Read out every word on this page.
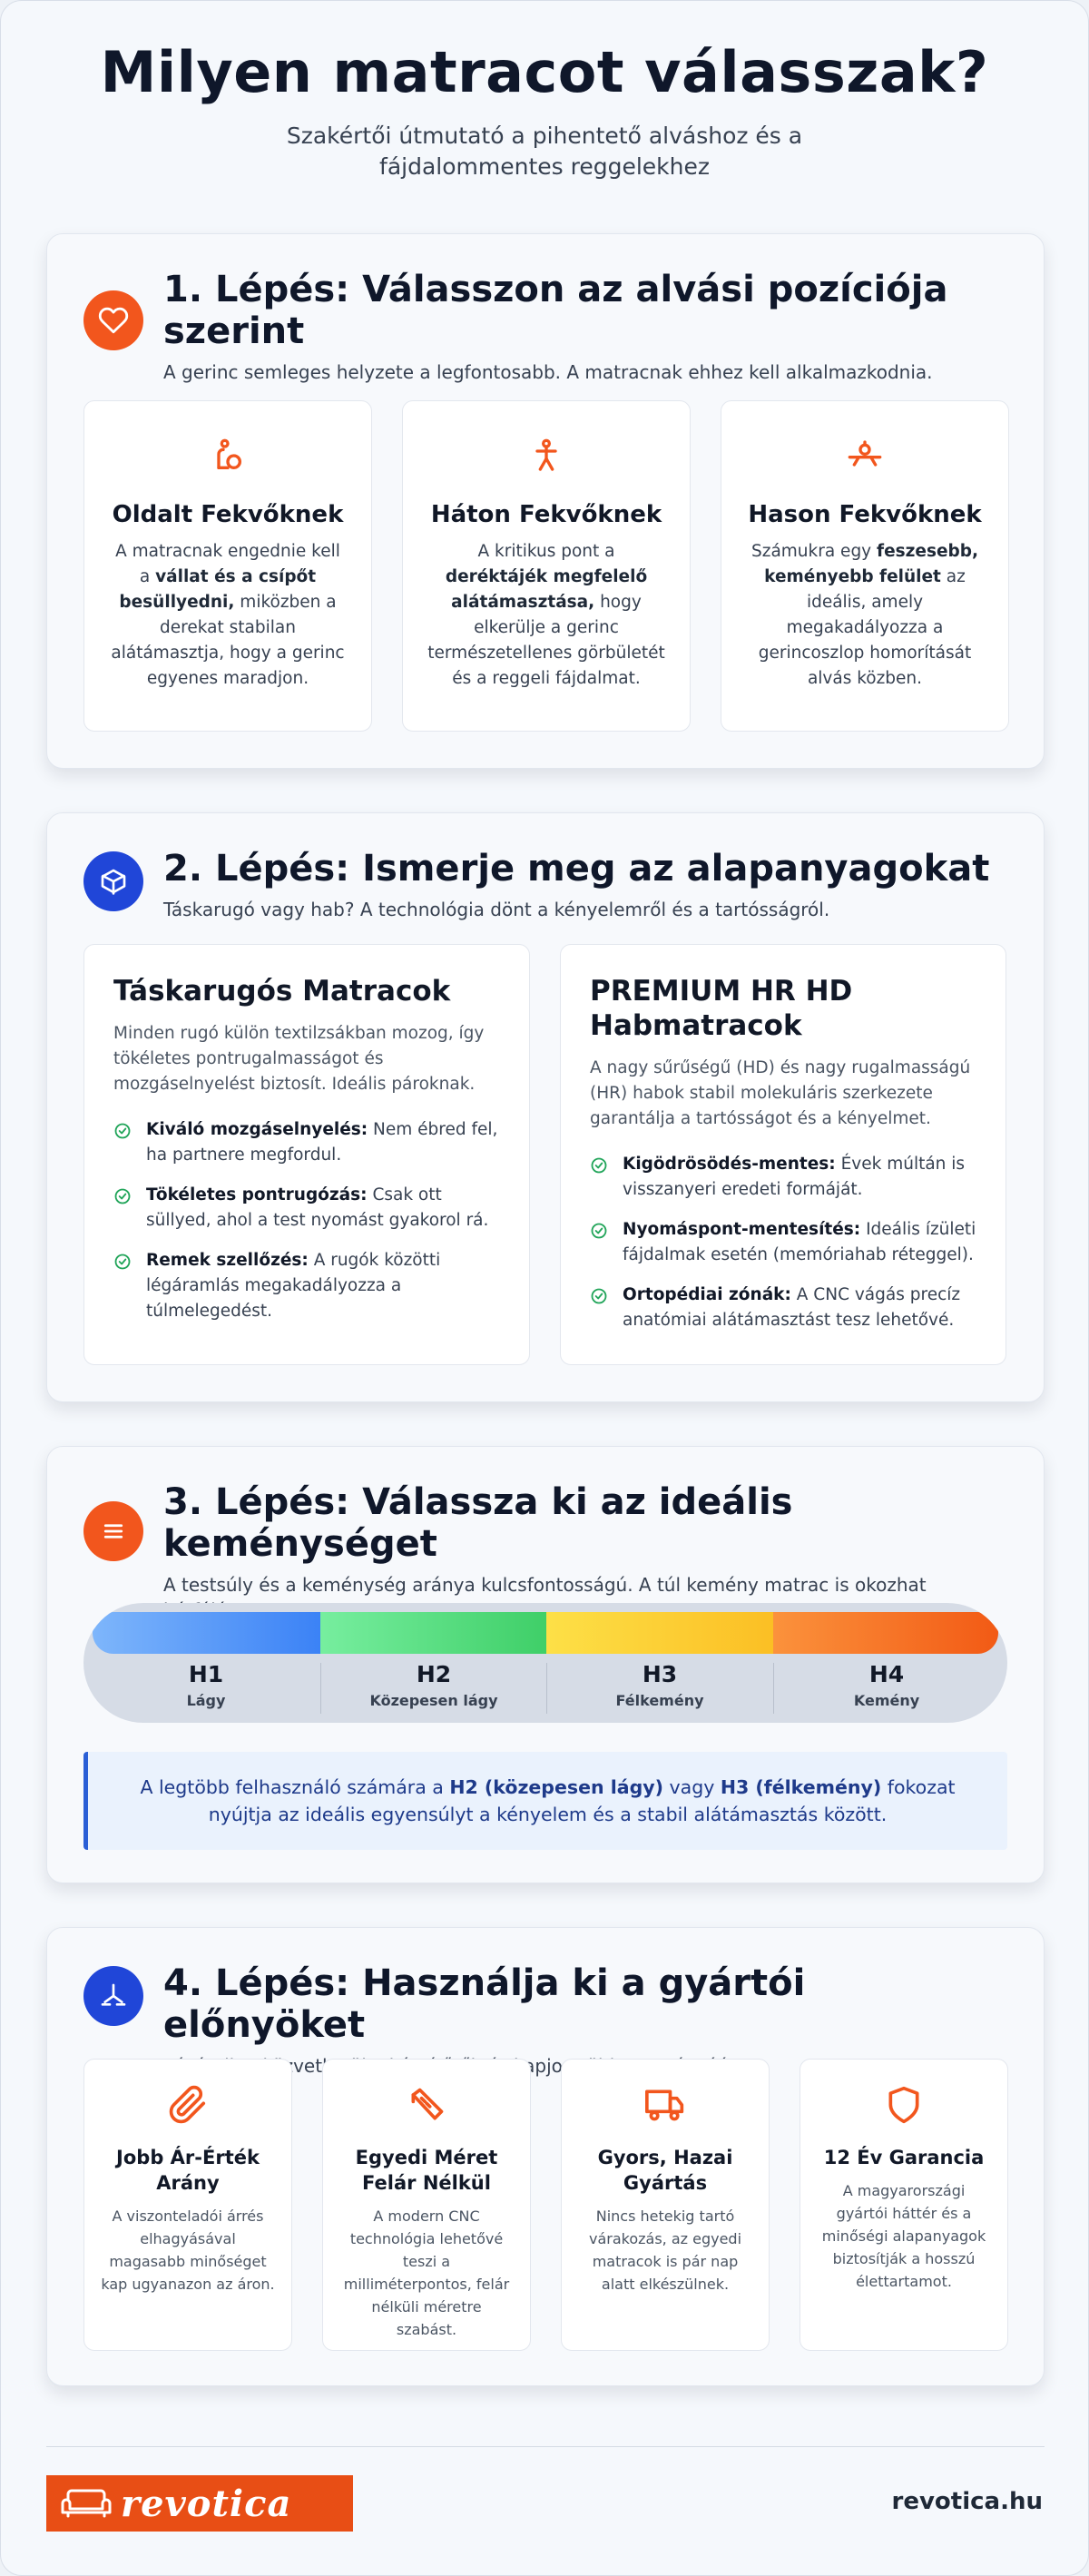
Milyen matracot válasszak?

Szakértői útmutató a pihentető alváshoz és a fájdalommentes reggelekhez

1. Lépés: Válasszon az alvási pozíciója szerint
A gerinc semleges helyzete a legfontosabb. A matracnak ehhez kell alkalmazkodnia.
Oldalt Fekvőknek
A matracnak engednie kell a vállat és a csípőt besüllyedni, miközben a derekat stabilan alátámasztja, hogy a gerinc egyenes maradjon.
Háton Fekvőknek
A kritikus pont a deréktájék megfelelő alátámasztása, hogy elkerülje a gerinc természetellenes görbületét és a reggeli fájdalmat.
Hason Fekvőknek
Számukra egy feszesebb, keményebb felület az ideális, amely megakadályozza a gerincoszlop homorítását alvás közben.
2. Lépés: Ismerje meg az alapanyagokat
Táskarugó vagy hab? A technológia dönt a kényelemről és a tartósságról.
Táskarugós Matracok
Minden rugó külön textilzsákban mozog, így tökéletes pontrugalmasságot és mozgáselnyelést biztosít. Ideális pároknak.
Kiváló mozgáselnyelés: Nem ébred fel, ha partnere megfordul.
Tökéletes pontrugózás: Csak ott süllyed, ahol a test nyomást gyakorol rá.
Remek szellőzés: A rugók közötti légáramlás megakadályozza a túlmelegedést.
PREMIUM HR HD Habmatracok
A nagy sűrűségű (HD) és nagy rugalmasságú (HR) habok stabil molekuláris szerkezete garantálja a tartósságot és a kényelmet.
Kigödrösödés-mentes: Évek múltán is visszanyeri eredeti formáját.
Nyomáspont-mentesítés: Ideális ízületi fájdalmak esetén (memóriahab réteggel).
Ortopédiai zónák: A CNC vágás precíz anatómiai alátámasztást tesz lehetővé.
3. Lépés: Válassza ki az ideális keménységet
A testsúly és a keménység aránya kulcsfontosságú. A túl kemény matrac is okozhat
H1
Lágy
H2
Közepesen lágy
H3
Félkemény
H4
Kemény
A legtöbb felhasználó számára a H2 (közepesen lágy) vagy H3 (félkemény) fokozat nyújtja az ideális egyensúlyt a kényelem és a stabil alátámasztás között.
4. Lépés: Használja ki a gyártói előnyöket
közvetlenül kapjon
Jobb Ár-Érték Arány
A viszonteladói árrés elhagyásával magasabb minőséget kap ugyanazon az áron.
Egyedi Méret Felár Nélkül
A modern CNC technológia lehetővé teszi a milliméterpontos, felár nélküli méretre szabást.
Gyors, Hazai Gyártás
Nincs hetekig tartó várakozás, az egyedi matracok is pár nap alatt elkészülnek.
12 Év Garancia
A magyarországi gyártói háttér és a minőségi alapanyagok biztosítják a hosszú élettartamot.
revotica	revotica.hu
